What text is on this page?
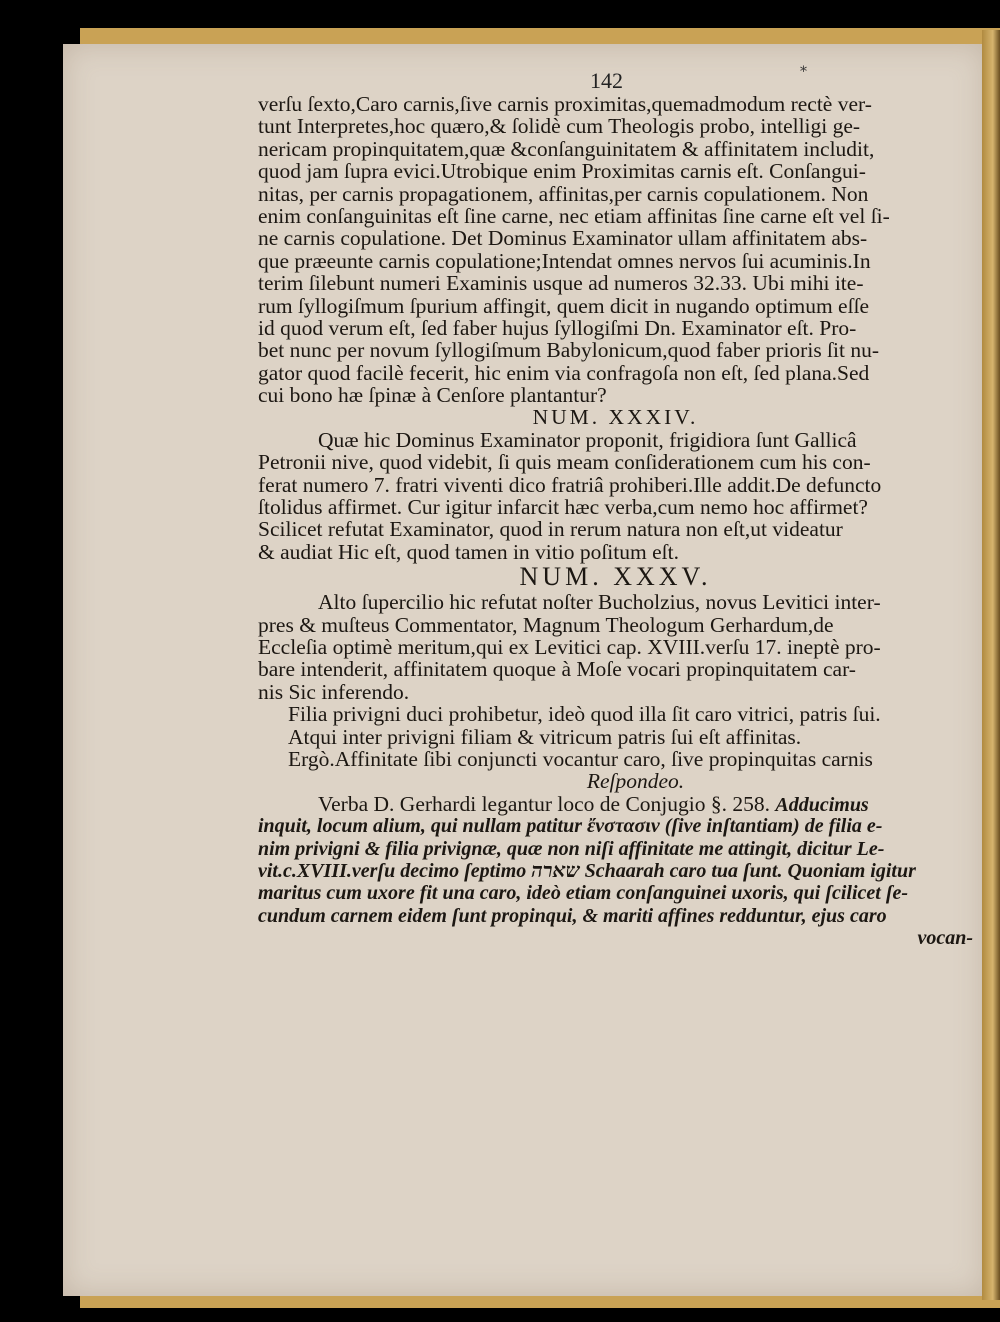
142	*
verſu ſexto,Caro carnis,ſive carnis proximitas,quemadmodum rectè ver-
tunt Interpretes,hoc quæro,& ſolidè cum Theologis probo, intelligi ge-
nericam propinquitatem,quæ &conſanguinitatem & affinitatem includit,
quod jam ſupra evici.Utrobique enim Proximitas carnis eſt. Conſangui-
nitas, per carnis propagationem, affinitas,per carnis copulationem. Non
enim conſanguinitas eſt ſine carne, nec etiam affinitas ſine carne eſt vel ſi-
ne carnis copulatione. Det Dominus Examinator ullam affinitatem abs-
que præeunte carnis copulatione;Intendat omnes nervos ſui acuminis.In
terim ſilebunt numeri Examinis usque ad numeros 32.33. Ubi mihi ite-
rum ſyllogiſmum ſpurium affingit, quem dicit in nugando optimum eſſe
id quod verum eſt, ſed faber hujus ſyllogiſmi Dn. Examinator eſt. Pro-
bet nunc per novum ſyllogiſmum Babylonicum,quod faber prioris ſit nu-
gator quod facilè fecerit, hic enim via confragoſa non eſt, ſed plana.Sed
cui bono hæ ſpinæ à Cenſore plantantur?
NUM. XXXIV.
Quæ hic Dominus Examinator proponit, frigidiora ſunt Gallicâ
Petronii nive, quod videbit, ſi quis meam conſiderationem cum his con-
ferat numero 7. fratri viventi dico fratriâ prohiberi.Ille addit.De defuncto
ſtolidus affirmet. Cur igitur infarcit hæc verba,cum nemo hoc affirmet?
Scilicet refutat Examinator, quod in rerum natura non eſt,ut videatur
& audiat Hic eſt, quod tamen in vitio poſitum eſt.
NUM. XXXV.
Alto ſupercilio hic refutat noſter Bucholzius, novus Levitici inter-
pres & muſteus Commentator, Magnum Theologum Gerhardum,de
Eccleſia optimè meritum,qui ex Levitici cap. XVIII.verſu 17. ineptè pro-
bare intenderit, affinitatem quoque à Moſe vocari propinquitatem car-
nis Sic inferendo.
Filia privigni duci prohibetur, ideò quod illa ſit caro vitrici, patris ſui.
Atqui inter privigni filiam & vitricum patris ſui eſt affinitas.
Ergò.Affinitate ſibi conjuncti vocantur caro, ſive propinquitas carnis
Reſpondeo.
Verba D. Gerhardi legantur loco de Conjugio §. 258. Adducimus
inquit, locum alium, qui nullam patitur ἔνστασιν (ſive inſtantiam) de filia e-
nim privigni & filia privignæ, quæ non niſi affinitate me attingit, dicitur Le-
vit.c.XVIII.verſu decimo ſeptimo שארה Schaarah caro tua ſunt. Quoniam igitur
maritus cum uxore fit una caro, ideò etiam conſanguinei uxoris, qui ſcilicet ſe-
cundum carnem eidem ſunt propinqui, & mariti affines redduntur, ejus caro
vocan-
